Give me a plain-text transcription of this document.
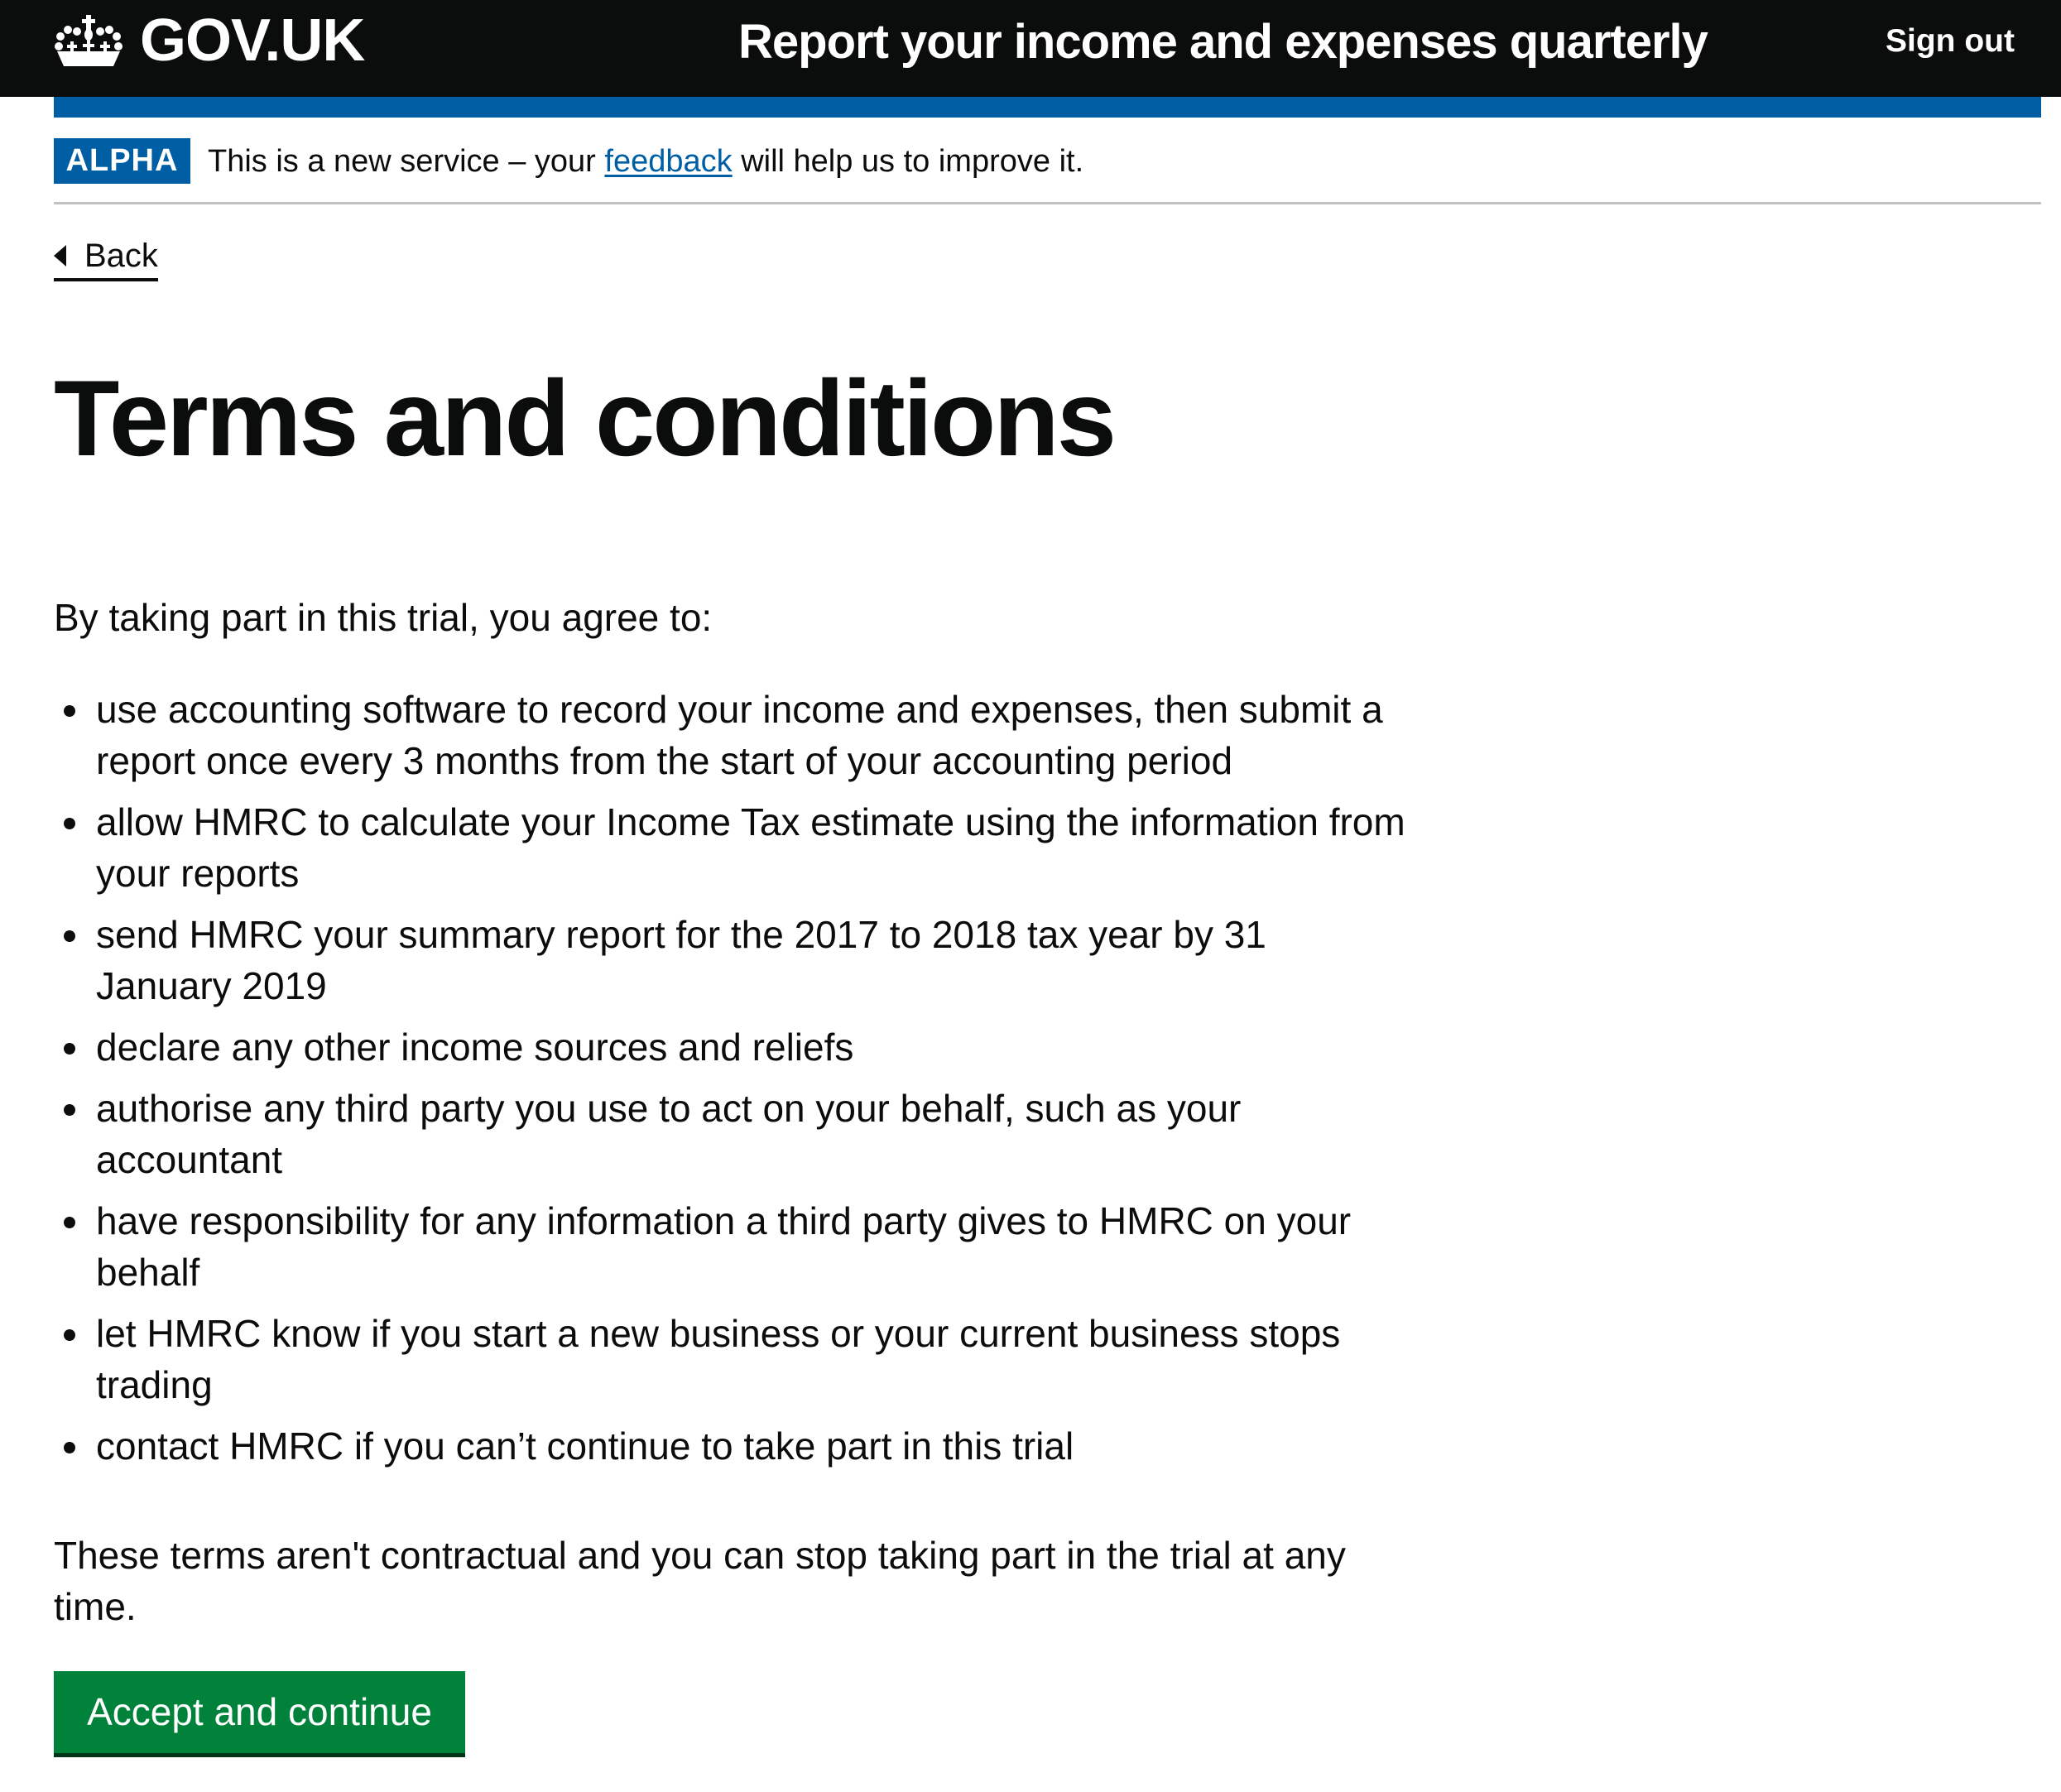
GOV.UK	Report your income and expenses quarterly	Sign out
ALPHA This is a new service – your feedback will help us to improve it.
Back
Terms and conditions

By taking part in this trial, you agree to:

use accounting software to record your income and expenses, then submit a report once every 3 months from the start of your accounting period
allow HMRC to calculate your Income Tax estimate using the information from your reports
send HMRC your summary report for the 2017 to 2018 tax year by 31 January 2019
declare any other income sources and reliefs
authorise any third party you use to act on your behalf, such as your accountant
have responsibility for any information a third party gives to HMRC on your behalf
let HMRC know if you start a new business or your current business stops trading
contact HMRC if you can’t continue to take part in this trial

These terms aren't contractual and you can stop taking part in the trial at any time.

Accept and continue
